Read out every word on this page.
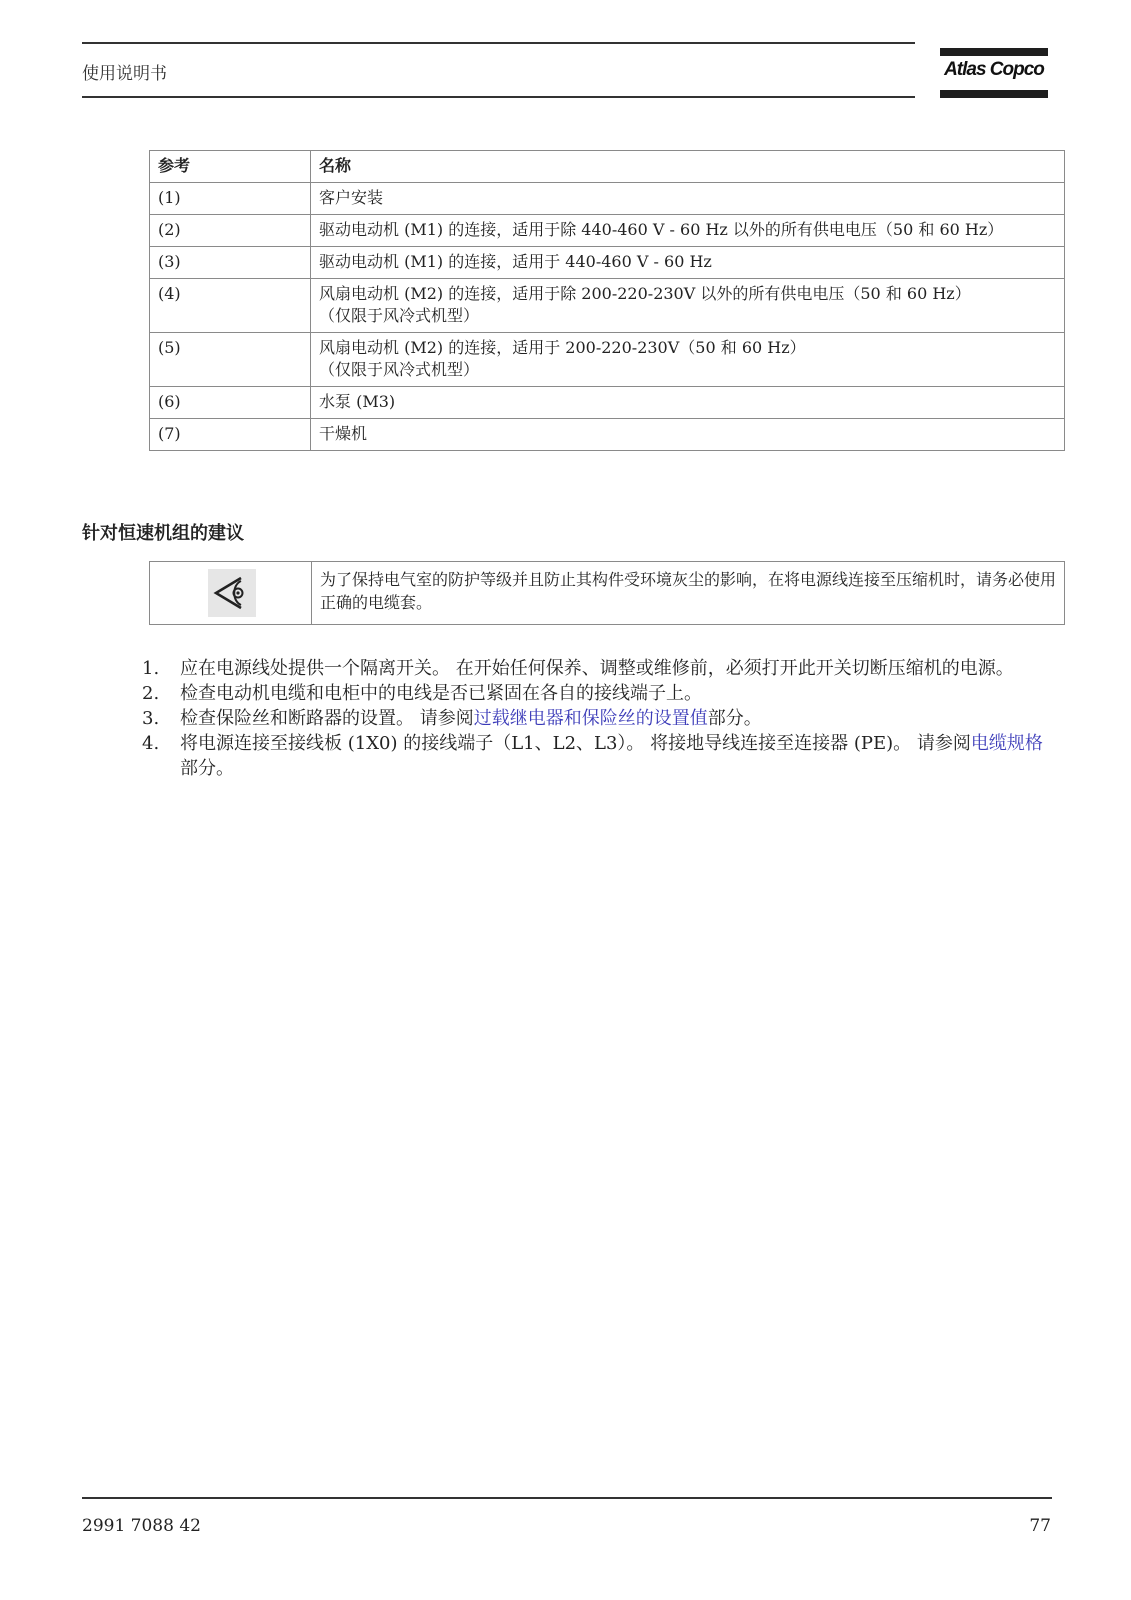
使用说明书	Atlas Copco
参考	名称
(1)	客户安装
(2)	驱动电动机 (M1) 的连接，适用于除 440-460 V - 60 Hz 以外的所有供电电压（50 和 60 Hz）
(3)	驱动电动机 (M1) 的连接，适用于 440-460 V - 60 Hz
(4)	风扇电动机 (M2) 的连接，适用于除 200-220-230V 以外的所有供电电压（50 和 60 Hz）
（仅限于风冷式机型）

(5)	风扇电动机 (M2) 的连接，适用于 200-220-230V（50 和 60 Hz）
（仅限于风冷式机型）

(6)	水泵 (M3)
(7)	干燥机
针对恒速机组的建议
为了保持电气室的防护等级并且防止其构件受环境灰尘的影响，在将电源线连接至压缩机时，请务必使用正确的电缆套。
1. 应在电源线处提供一个隔离开关。 在开始任何保养、调整或维修前，必须打开此开关切断压缩机的电源。
2. 检查电动机电缆和电柜中的电线是否已紧固在各自的接线端子上。
3. 检查保险丝和断路器的设置。 请参阅过载继电器和保险丝的设置值部分。
4. 将电源连接至接线板 (1X0) 的接线端子（L1、L2、L3）。 将接地导线连接至连接器 (PE)。 请参阅电缆规格部分。
2991 7088 42	77
